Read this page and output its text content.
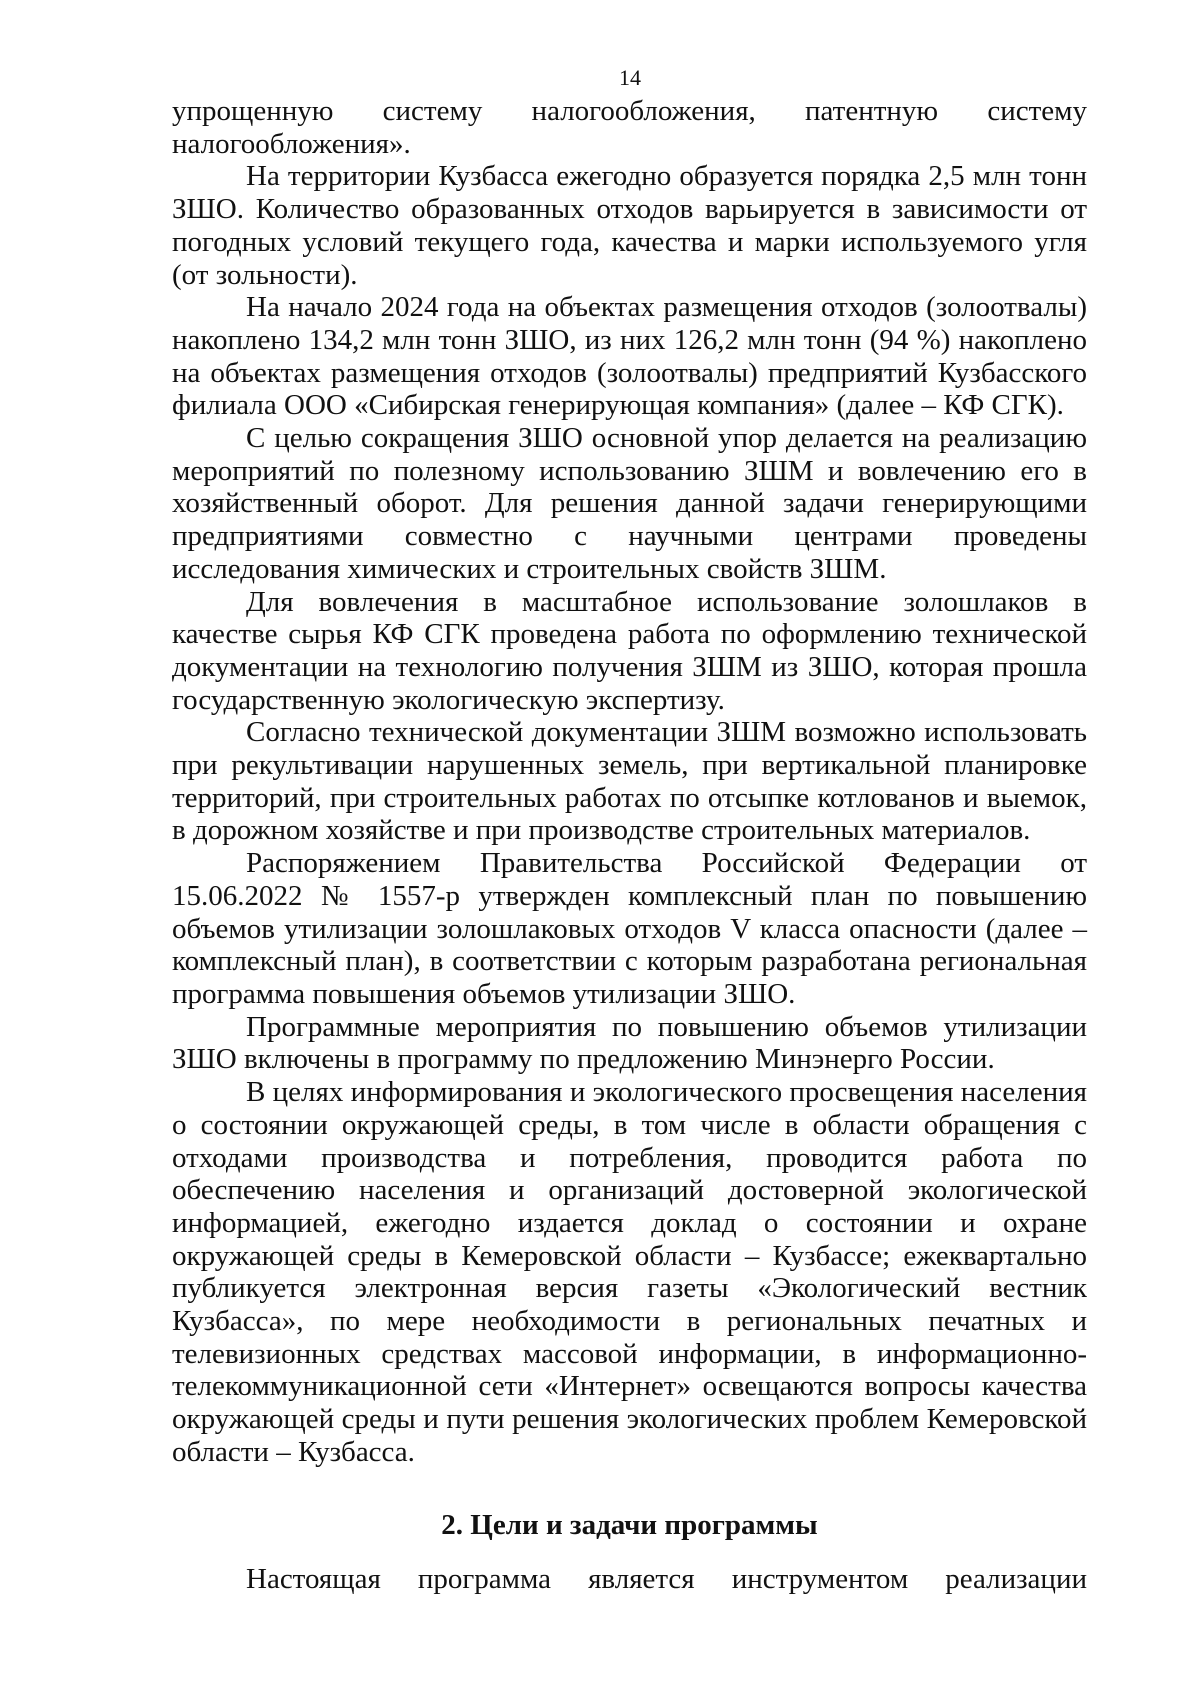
14

упрощенную систему налогообложения, патентную систему налогообложения».

На территории Кузбасса ежегодно образуется порядка 2,5 млн тонн ЗШО. Количество образованных отходов варьируется в зависимости от погодных условий текущего года, качества и марки используемого угля (от зольности).

На начало 2024 года на объектах размещения отходов (золоотвалы) накоплено 134,2 млн тонн ЗШО, из них 126,2 млн тонн (94 %) накоплено на объектах размещения отходов (золоотвалы) предприятий Кузбасского филиала ООО «Сибирская генерирующая компания» (далее – КФ СГК).

С целью сокращения ЗШО основной упор делается на реализацию мероприятий по полезному использованию ЗШМ и вовлечению его в хозяйственный оборот. Для решения данной задачи генерирующими предприятиями совместно с научными центрами проведены исследования химических и строительных свойств ЗШМ.

Для вовлечения в масштабное использование золошлаков в качестве сырья КФ СГК проведена работа по оформлению технической документации на технологию получения ЗШМ из ЗШО, которая прошла государственную экологическую экспертизу.

Согласно технической документации ЗШМ возможно использовать при рекультивации нарушенных земель, при вертикальной планировке территорий, при строительных работах по отсыпке котлованов и выемок, в дорожном хозяйстве и при производстве строительных материалов.

Распоряжением Правительства Российской Федерации от 15.06.2022 № 1557-р утвержден комплексный план по повышению объемов утилизации золошлаковых отходов V класса опасности (далее – комплексный план), в соответствии с которым разработана региональная программа повышения объемов утилизации ЗШО.

Программные мероприятия по повышению объемов утилизации ЗШО включены в программу по предложению Минэнерго России.

В целях информирования и экологического просвещения населения о состоянии окружающей среды, в том числе в области обращения с отходами производства и потребления, проводится работа по обеспечению населения и организаций достоверной экологической информацией, ежегодно издается доклад о состоянии и охране окружающей среды в Кемеровской области – Кузбассе; ежеквартально публикуется электронная версия газеты «Экологический вестник Кузбасса», по мере необходимости в региональных печатных и телевизионных средствах массовой информации, в информационно-телекоммуникационной сети «Интернет» освещаются вопросы качества окружающей среды и пути решения экологических проблем Кемеровской области – Кузбасса.

2. Цели и задачи программы

Настоящая программа является инструментом реализации
